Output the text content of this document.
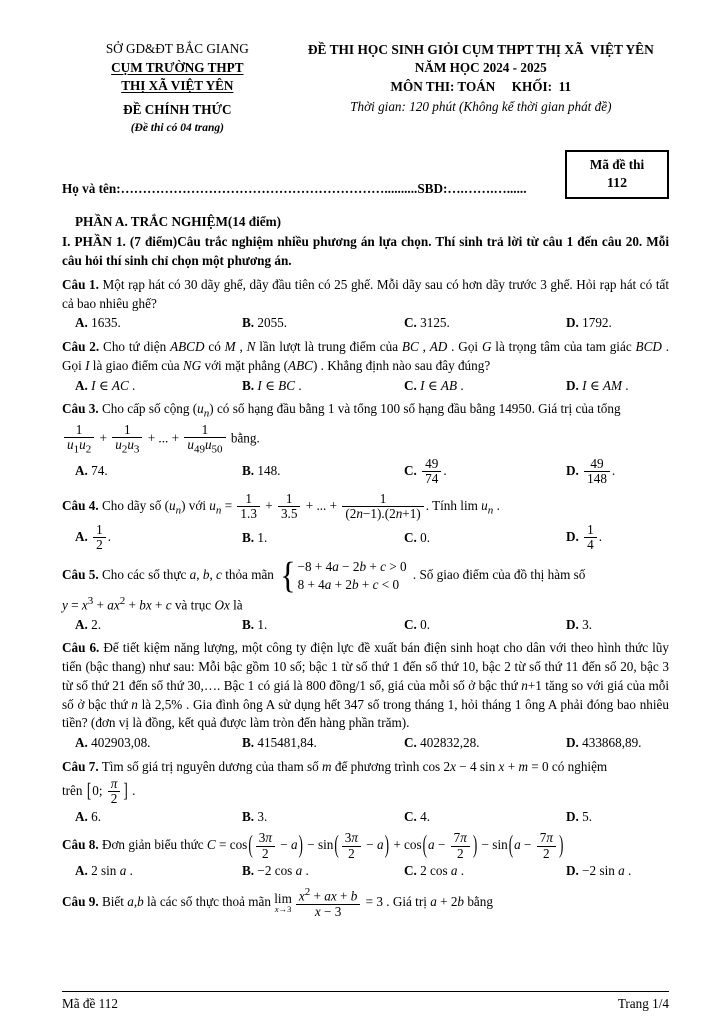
SỞ GD&ĐT BẮC GIANG
CỤM TRƯỜNG THPT
THỊ XÃ VIỆT YÊN
ĐỀ CHÍNH THỨC
(Đề thi có 04 trang)
ĐỀ THI HỌC SINH GIỎI CỤM THPT THỊ XÃ  VIỆT YÊN
NĂM HỌC 2024 - 2025
MÔN THI: TOÁN     KHỐI:  11
Thời gian: 120 phút (Không kể thời gian phát đề)
Họ và tên:……………………………………………………..........SBD:….…….…......
Mã đề thi
112
PHẦN A. TRẮC NGHIỆM(14 điểm)
I. PHẦN 1. (7 điểm)Câu trắc nghiệm nhiều phương án lựa chọn. Thí sinh trả lời từ câu 1 đến câu 20. Mỗi câu hỏi thí sinh chỉ chọn một phương án.
Câu 1. Một rạp hát có 30 dãy ghế, dãy đầu tiên có 25 ghế. Mỗi dãy sau có hơn dãy trước 3 ghế. Hỏi rạp hát có tất cả bao nhiêu ghế?
A. 1635.	B. 2055.	C. 3125.	D. 1792.
Câu 2. Cho tứ diện ABCD có M , N lần lượt là trung điểm của BC , AD . Gọi G là trọng tâm của tam giác BCD . Gọi I là giao điểm của NG với mặt phẳng (ABC) . Khẳng định nào sau đây đúng?
A. I ∈ AC .	B. I ∈ BC .	C. I ∈ AB .	D. I ∈ AM .
Câu 3. Cho cấp số cộng $(u_n)$ có số hạng đầu bằng 1 và tổng 100 số hạng đầu bằng 14950. Giá trị của tổng

$\frac{1}{u_1u_2} + \frac{1}{u_2u_3}$ + ... + $\frac{1}{u_{49}u_{50}}$ bằng.
A. 74.	B. 148.	C. $\frac{49}{74}$ .	D. $\frac{49}{148}$ .
Câu 4. Cho dãy số $(u_n)$ với $u_n = \frac{1}{1.3} + \frac{1}{3.5}$ + ... + $\frac{1}{(2n-1).(2n+1)}$ . Tính $\lim u_n$ .
A. $\frac{1}{2}$ .	B. 1.	C. 0.	D. $\frac{1}{4}$ .
Câu 5. Cho các số thực a, b, c thỏa mãn { −8 + 4a − 2b + c > 0
8 + 4a + 2b + c < 0
. Số giao điểm của đồ thị hàm số
$y = x^3 + ax^2$ + bx + c và trục Ox là
A. 2.	B. 1.	C. 0.	D. 3.
Câu 6. Để tiết kiệm năng lượng, một công ty điện lực đề xuất bán điện sinh hoạt cho dân với theo hình thức lũy tiến (bậc thang) như sau: Mỗi bậc gồm 10 số; bậc 1 từ số thứ 1 đến số thứ 10, bậc 2 từ số thứ 11 đến số 20, bậc 3 từ số thứ 21 đến số thứ 30,…. Bậc 1 có giá là 800 đồng/1 số, giá của mỗi số ở bậc thứ n+1 tăng so với giá của mỗi số ở bậc thứ n là 2,5% . Gia đình ông A sử dụng hết 347 số trong tháng 1, hỏi tháng 1 ông A phải đóng bao nhiêu tiền? (đơn vị là đồng, kết quả được làm tròn đến hàng phần trăm).
A. 402903,08.	B. 415481,84.	C. 402832,28.	D. 433868,89.
Câu 7. Tìm số giá trị nguyên dương của tham số m để phương trình cos 2x − 4 sin x + m = 0 có nghiệm
trên [0; $\frac{\pi}{2}$ ] .
A. 6.	B. 3.	C. 4.	D. 5.
Câu 8. Đơn giản biểu thức $C = \cos( \frac{3\pi}{2} - a) - \sin( \frac{3\pi}{2} - a) + \cos(a - \frac{7\pi}{2}$ ) − $\sin(a - \frac{7\pi}{2}$ )
A. 2 sin a .	B. −2 cos a .	C. 2 cos a .	D. −2 sin a .
Câu 9. Biết a,b là các số thực thoả mãn lim
$x\to 3 \frac{x^2 + ax + b}{x - 3} = 3$ . Giá trị a + 2b bằng
Mã đề 112	Trang 1/4
